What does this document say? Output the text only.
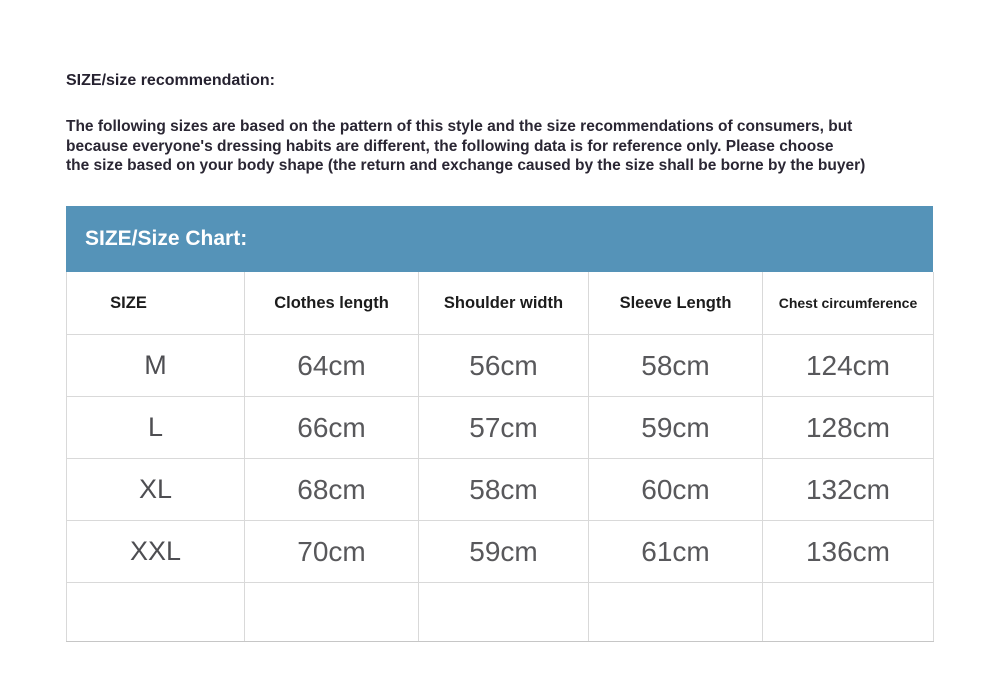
SIZE/size recommendation:
The following sizes are based on the pattern of this style and the size recommendations of consumers, but
because everyone's dressing habits are different, the following data is for reference only. Please choose
the size based on your body shape (the return and exchange caused by the size shall be borne by the buyer)
SIZE/Size Chart:
SIZE	Clothes length	Shoulder width	Sleeve Length	Chest circumference
M	64cm	56cm	58cm	124cm
L	66cm	57cm	59cm	128cm
XL	68cm	58cm	60cm	132cm
XXL	70cm	59cm	61cm	136cm
